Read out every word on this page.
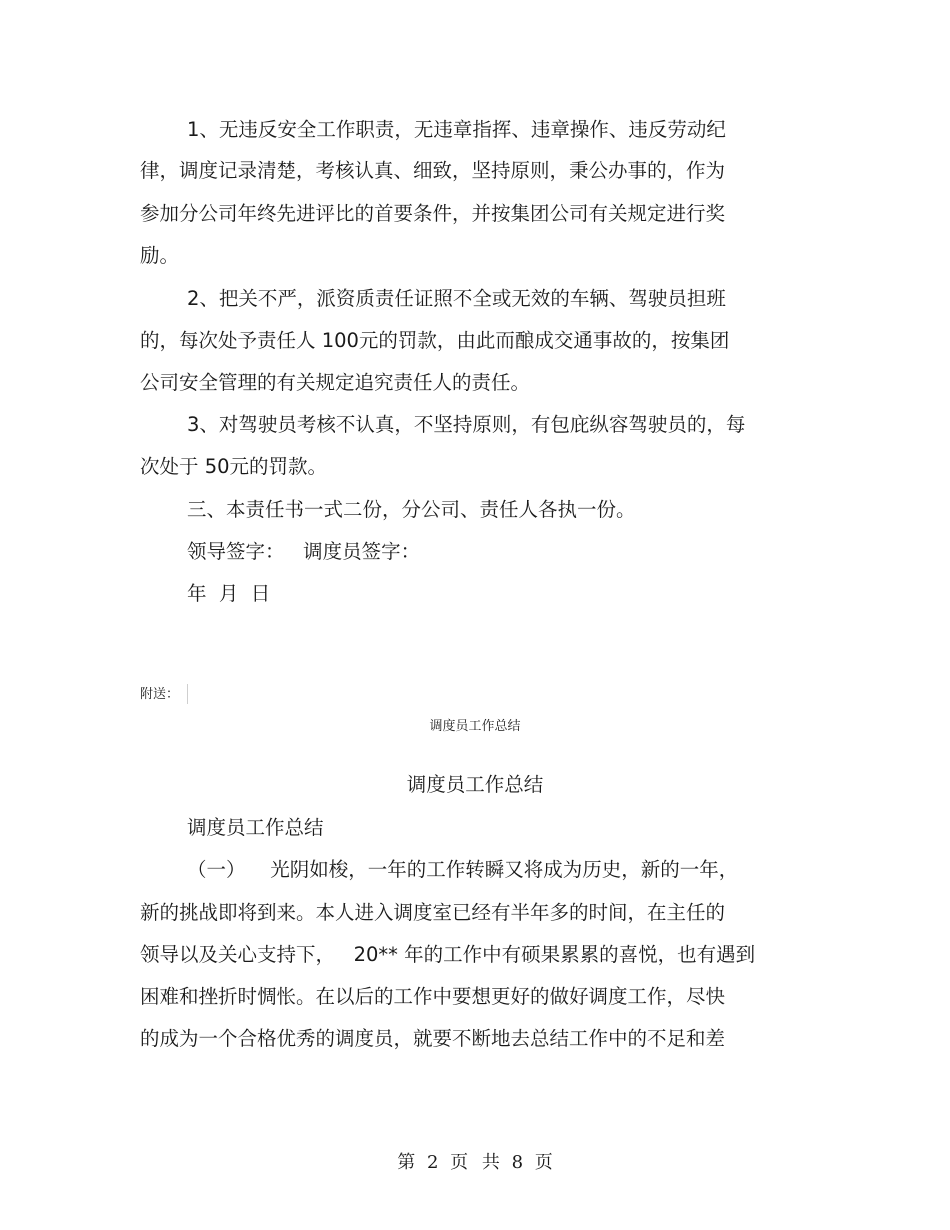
1、无违反安全工作职责，无违章指挥、违章操作、违反劳动纪
律，调度记录清楚，考核认真、细致，坚持原则，秉公办事的，作为
参加分公司年终先进评比的首要条件，并按集团公司有关规定进行奖
励。
2、把关不严，派资质责任证照不全或无效的车辆、驾驶员担班
的，每次处予责任人 100元的罚款，由此而酿成交通事故的，按集团
公司安全管理的有关规定追究责任人的责任。
3、对驾驶员考核不认真，不坚持原则，有包庇纵容驾驶员的，每
次处于 50元的罚款。
三、本责任书一式二份，分公司、责任人各执一份。
领导签字：   调度员签字：
年  月  日
附送：
调度员工作总结
调度员工作总结
调度员工作总结
（一）    光阴如梭，一年的工作转瞬又将成为历史，新的一年，
新的挑战即将到来。本人进入调度室已经有半年多的时间，在主任的
领导以及关心支持下，   20** 年的工作中有硕果累累的喜悦，也有遇到
困难和挫折时惆怅。在以后的工作中要想更好的做好调度工作，尽快
的成为一个合格优秀的调度员，就要不断地去总结工作中的不足和差
第 2 页 共 8 页
